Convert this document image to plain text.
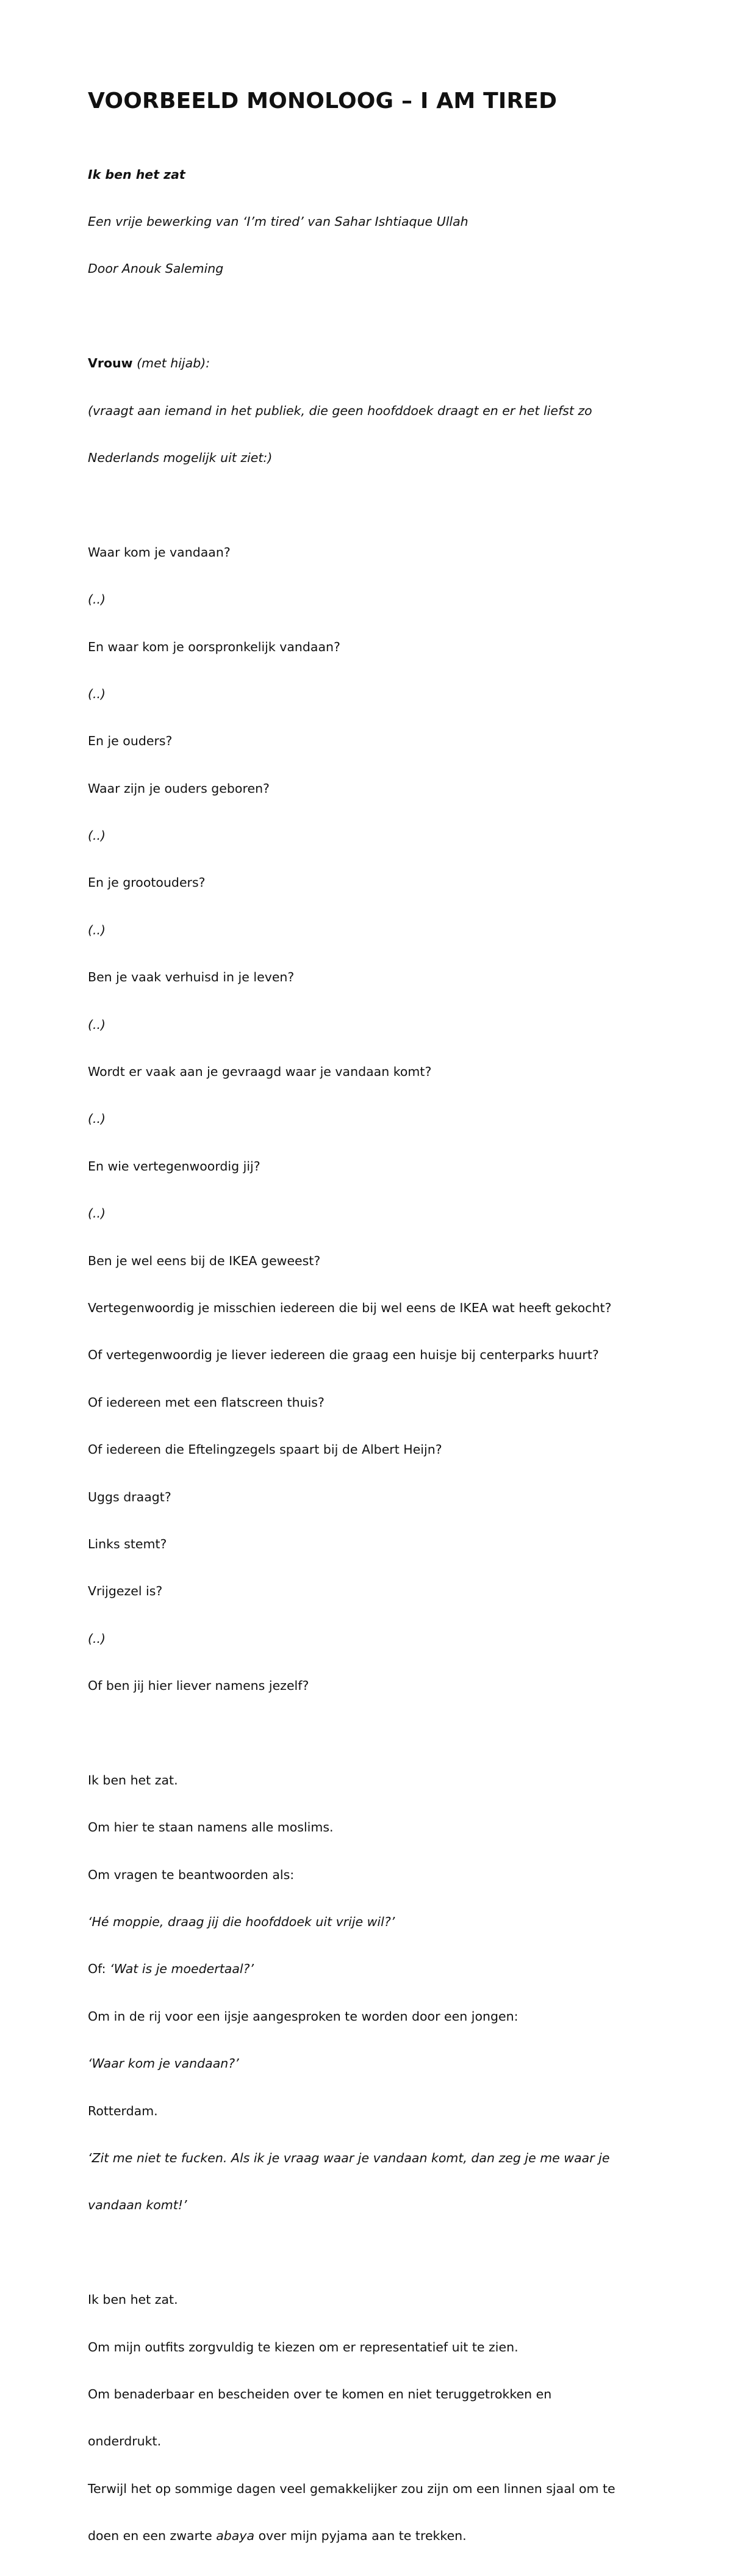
VOORBEELD MONOLOOG – I AM TIRED

Ik ben het zat

Een vrije bewerking van ‘I’m tired’ van Sahar Ishtiaque Ullah

Door Anouk Saleming

Vrouw (met hijab):

(vraagt aan iemand in het publiek, die geen hoofddoek draagt en er het liefst zo

Nederlands mogelijk uit ziet:)

Waar kom je vandaan?

(..)

En waar kom je oorspronkelijk vandaan?

(..)

En je ouders?

Waar zijn je ouders geboren?

(..)

En je grootouders?

(..)

Ben je vaak verhuisd in je leven?

(..)

Wordt er vaak aan je gevraagd waar je vandaan komt?

(..)

En wie vertegenwoordig jij?

(..)

Ben je wel eens bij de IKEA geweest?

Vertegenwoordig je misschien iedereen die bij wel eens de IKEA wat heeft gekocht?

Of vertegenwoordig je liever iedereen die graag een huisje bij centerparks huurt?

Of iedereen met een flatscreen thuis?

Of iedereen die Eftelingzegels spaart bij de Albert Heijn?

Uggs draagt?

Links stemt?

Vrijgezel is?

(..)

Of ben jij hier liever namens jezelf?

Ik ben het zat.

Om hier te staan namens alle moslims.

Om vragen te beantwoorden als:

‘Hé moppie, draag jij die hoofddoek uit vrije wil?’

Of: ‘Wat is je moedertaal?’

Om in de rij voor een ijsje aangesproken te worden door een jongen:

‘Waar kom je vandaan?’

Rotterdam.

‘Zit me niet te fucken. Als ik je vraag waar je vandaan komt, dan zeg je me waar je

vandaan komt!’

Ik ben het zat.

Om mijn outfits zorgvuldig te kiezen om er representatief uit te zien.

Om benaderbaar en bescheiden over te komen en niet teruggetrokken en

onderdrukt.

Terwijl het op sommige dagen veel gemakkelijker zou zijn om een linnen sjaal om te

doen en een zwarte abaya over mijn pyjama aan te trekken.
